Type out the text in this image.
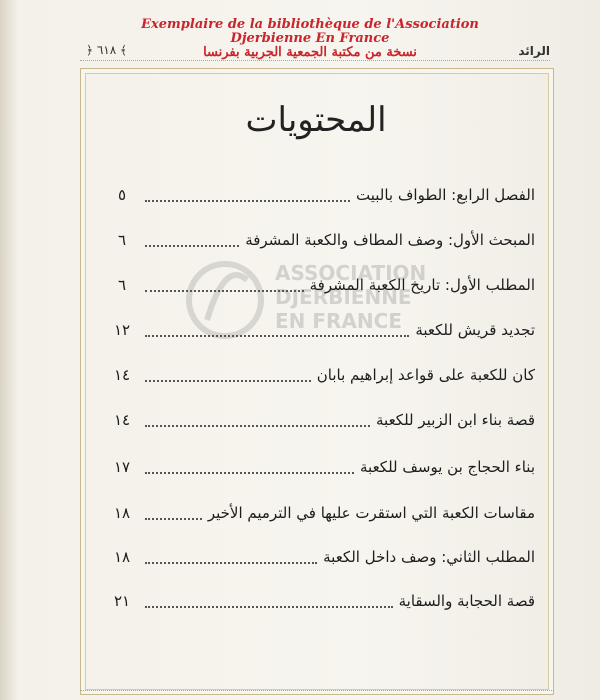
Exemplaire de la bibliothèque de l'Association Djerbienne En France
نسخة من مكتبة الجمعية الجربية بفرنسا	الرائد
﴿ ٦١٨ ﴾
المحتويات
ASSOCIATION
DJERBIENNE
EN FRANCE
الفصل الرابع: الطواف بالبيت
٥
المبحث الأول: وصف المطاف والكعبة المشرفة
٦
المطلب الأول: تاريخ الكعبة المشرفة
٦
تجديد قريش للكعبة
١٢
كان للكعبة على قواعد إبراهيم بابان
١٤
قصة بناء ابن الزبير للكعبة
١٤
بناء الحجاج بن يوسف للكعبة
١٧
مقاسات الكعبة التي استقرت عليها في الترميم الأخير
١٨
المطلب الثاني: وصف داخل الكعبة
١٨
قصة الحجابة والسقاية
٢١
